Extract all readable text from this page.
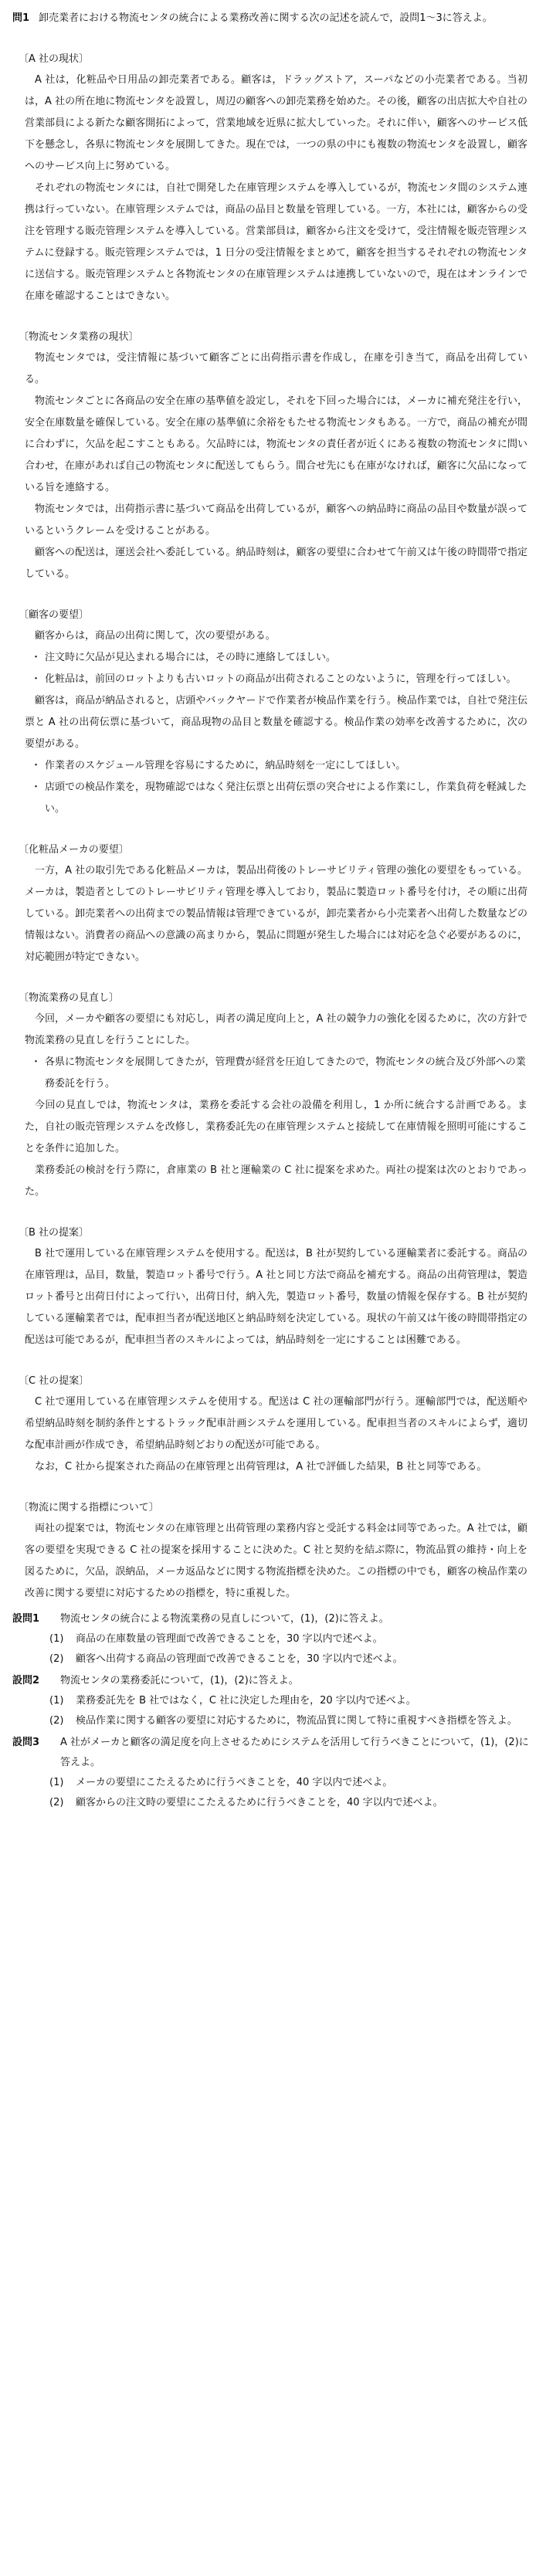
問1 卸売業者における物流センタの統合による業務改善に関する次の記述を読んで，設問1〜3に答えよ。
〔A 社の現状〕
A 社は，化粧品や日用品の卸売業者である。顧客は，ドラッグストア，スーパなどの小売業者である。当初は，A 社の所在地に物流センタを設置し，周辺の顧客への卸売業務を始めた。その後，顧客の出店拡大や自社の営業部員による新たな顧客開拓によって，営業地域を近県に拡大していった。それに伴い，顧客へのサービス低下を懸念し，各県に物流センタを展開してきた。現在では，一つの県の中にも複数の物流センタを設置し，顧客へのサービス向上に努めている。
それぞれの物流センタには，自社で開発した在庫管理システムを導入しているが，物流センタ間のシステム連携は行っていない。在庫管理システムでは，商品の品目と数量を管理している。一方，本社には，顧客からの受注を管理する販売管理システムを導入している。営業部員は，顧客から注文を受けて，受注情報を販売管理システムに登録する。販売管理システムでは，1 日分の受注情報をまとめて，顧客を担当するそれぞれの物流センタに送信する。販売管理システムと各物流センタの在庫管理システムは連携していないので，現在はオンラインで在庫を確認することはできない。
〔物流センタ業務の現状〕
物流センタでは，受注情報に基づいて顧客ごとに出荷指示書を作成し，在庫を引き当て，商品を出荷している。
物流センタごとに各商品の安全在庫の基準値を設定し，それを下回った場合には，メーカに補充発注を行い，安全在庫数量を確保している。安全在庫の基準値に余裕をもたせる物流センタもある。一方で，商品の補充が間に合わずに，欠品を起こすこともある。欠品時には，物流センタの責任者が近くにある複数の物流センタに問い合わせ，在庫があれば自己の物流センタに配送してもらう。間合せ先にも在庫がなければ，顧客に欠品になっている旨を連絡する。
物流センタでは，出荷指示書に基づいて商品を出荷しているが，顧客への納品時に商品の品目や数量が誤っているというクレームを受けることがある。
顧客への配送は，運送会社へ委託している。納品時刻は，顧客の要望に合わせて午前又は午後の時間帯で指定している。
〔顧客の要望〕
顧客からは，商品の出荷に関して，次の要望がある。
・ 注文時に欠品が見込まれる場合には，その時に連絡してほしい。
・ 化粧品は，前回のロットよりも古いロットの商品が出荷されることのないように，管理を行ってほしい。
顧客は，商品が納品されると，店頭やバックヤードで作業者が検品作業を行う。検品作業では，自社で発注伝票と A 社の出荷伝票に基づいて，商品現物の品目と数量を確認する。検品作業の効率を改善するために，次の要望がある。
・ 作業者のスケジュール管理を容易にするために，納品時刻を一定にしてほしい。
・ 店頭での検品作業を，現物確認ではなく発注伝票と出荷伝票の突合せによる作業にし，作業負荷を軽減したい。
〔化粧品メーカの要望〕
一方，A 社の取引先である化粧品メーカは，製品出荷後のトレーサビリティ管理の強化の要望をもっている。メーカは，製造者としてのトレーサビリティ管理を導入しており，製品に製造ロット番号を付け，その順に出荷している。卸売業者への出荷までの製品情報は管理できているが，卸売業者から小売業者へ出荷した数量などの情報はない。消費者の商品への意識の高まりから，製品に問題が発生した場合には対応を急ぐ必要があるのに，対応範囲が特定できない。
〔物流業務の見直し〕
今回，メーカや顧客の要望にも対応し，両者の満足度向上と，A 社の競争力の強化を図るために，次の方針で物流業務の見直しを行うことにした。
・ 各県に物流センタを展開してきたが，管理費が経営を圧迫してきたので，物流センタの統合及び外部への業務委託を行う。
今回の見直しでは，物流センタは，業務を委託する会社の設備を利用し，1 か所に統合する計画である。また，自社の販売管理システムを改修し，業務委託先の在庫管理システムと接続して在庫情報を照明可能にすることを条件に追加した。
業務委託の検討を行う際に，倉庫業の B 社と運輸業の C 社に提案を求めた。両社の提案は次のとおりであった。
〔B 社の提案〕
B 社で運用している在庫管理システムを使用する。配送は，B 社が契約している運輸業者に委託する。商品の在庫管理は，品目，数量，製造ロット番号で行う。A 社と同じ方法で商品を補充する。商品の出荷管理は，製造ロット番号と出荷日付によって行い，出荷日付，納入先，製造ロット番号，数量の情報を保存する。B 社が契約している運輸業者では，配車担当者が配送地区と納品時刻を決定している。現状の午前又は午後の時間帯指定の配送は可能であるが，配車担当者のスキルによっては，納品時刻を一定にすることは困難である。
〔C 社の提案〕
C 社で運用している在庫管理システムを使用する。配送は C 社の運輸部門が行う。運輸部門では，配送順や希望納品時刻を制約条件とするトラック配車計画システムを運用している。配車担当者のスキルによらず，適切な配車計画が作成でき，希望納品時刻どおりの配送が可能である。
なお，C 社から提案された商品の在庫管理と出荷管理は，A 社で評価した結果，B 社と同等である。
〔物流に関する指標について〕
両社の提案では，物流センタの在庫管理と出荷管理の業務内容と受託する料金は同等であった。A 社では，顧客の要望を実現できる C 社の提案を採用することに決めた。C 社と契約を結ぶ際に，物流品質の維持・向上を図るために，欠品，誤納品，メーカ返品などに関する物流指標を決めた。この指標の中でも，顧客の検品作業の改善に関する要望に対応するための指標を，特に重視した。
設問1	物流センタの統合による物流業務の見直しについて，(1)，(2)に答えよ。
(1)	商品の在庫数量の管理面で改善できることを，30 字以内で述べよ。
(2)	顧客へ出荷する商品の管理面で改善できることを，30 字以内で述べよ。
設問2	物流センタの業務委託について，(1)，(2)に答えよ。
(1)	業務委託先を B 社ではなく，C 社に決定した理由を，20 字以内で述べよ。
(2)	検品作業に関する顧客の要望に対応するために，物流品質に関して特に重視すべき指標を答えよ。
設問3	A 社がメーカと顧客の満足度を向上させるためにシステムを活用して行うべきことについて，(1)，(2)に答えよ。
(1)	メーカの要望にこたえるために行うべきことを，40 字以内で述べよ。
(2)	顧客からの注文時の要望にこたえるために行うべきことを，40 字以内で述べよ。
